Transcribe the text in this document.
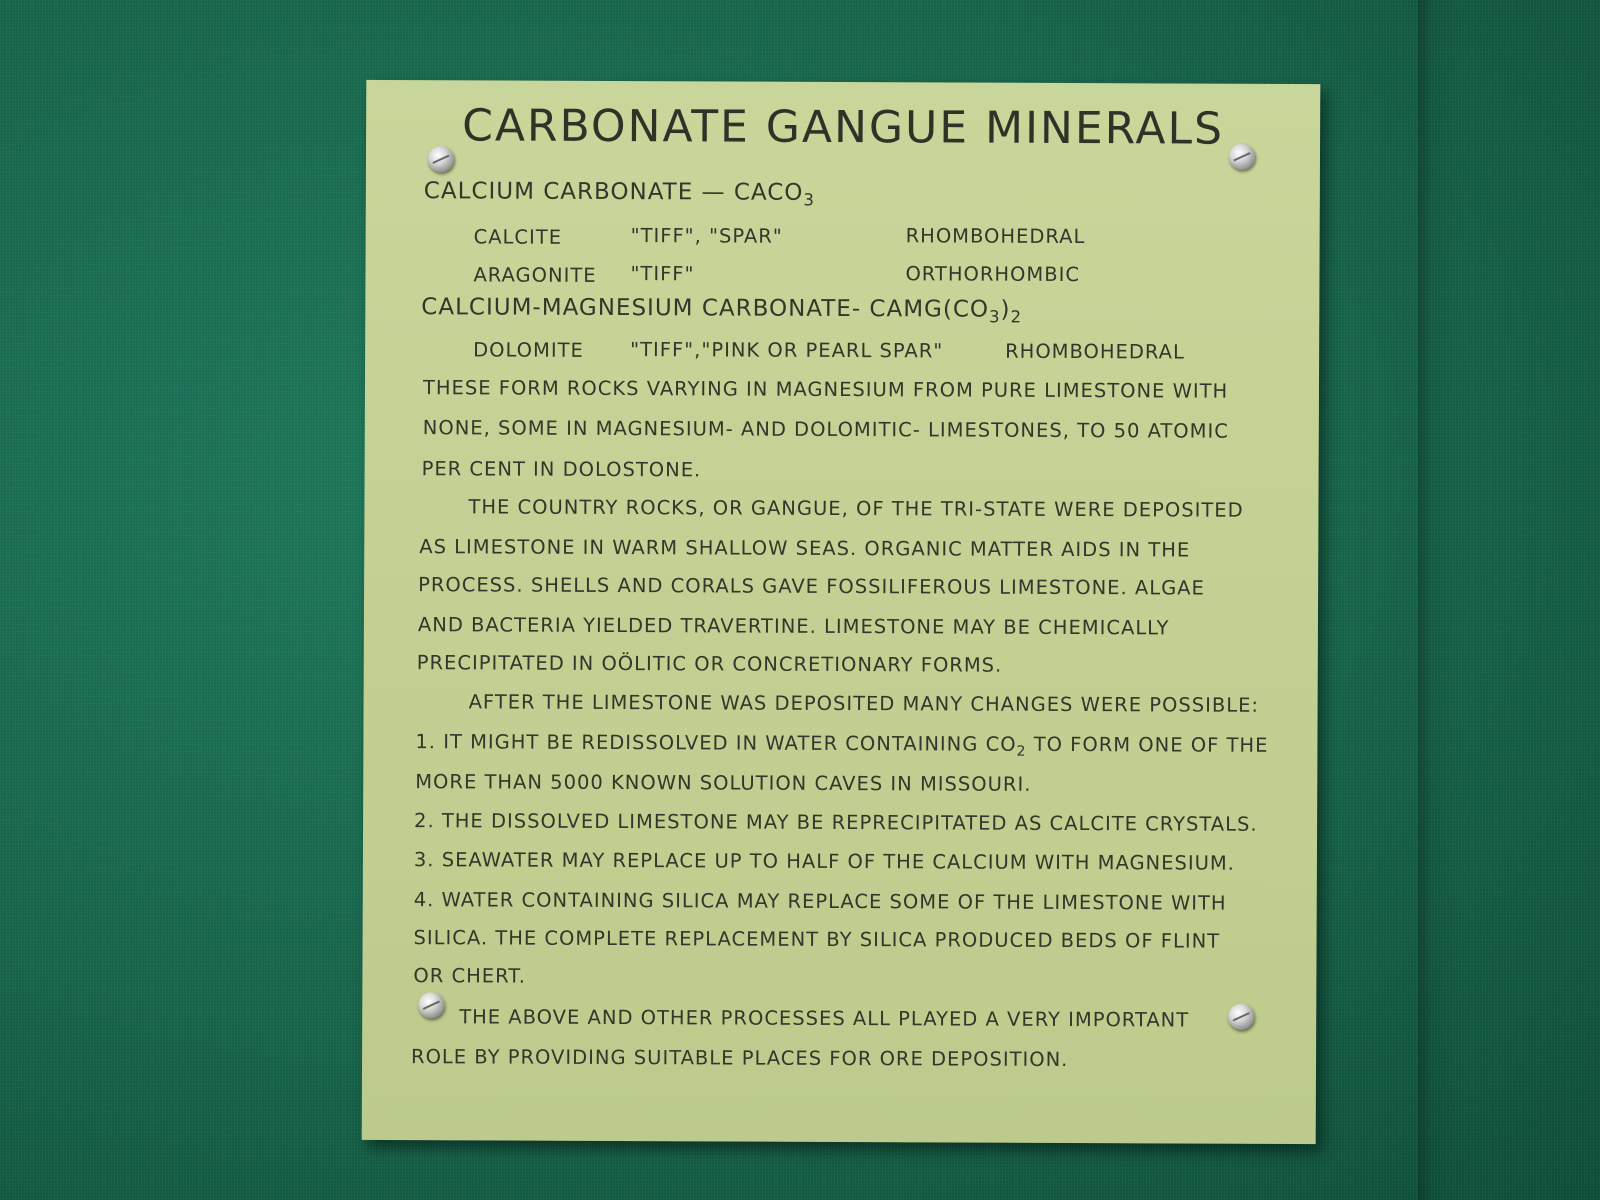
CARBONATE GANGUE MINERALS
CALCIUM CARBONATE — $CACO_3$
CALCITE	"TIFF", "SPAR"	RHOMBOHEDRAL
ARAGONITE "TIFF"	ORTHORHOMBIC
CALCIUM-MAGNESIUM CARBONATE- $CAMG(CO_3)_2$
DOLOMITE "TIFF","PINK OR PEARL SPAR"	RHOMBOHEDRAL
THESE FORM ROCKS VARYING IN MAGNESIUM FROM PURE LIMESTONE WITH
NONE, SOME IN MAGNESIUM- AND DOLOMITIC- LIMESTONES, TO 50 ATOMIC
PER CENT IN DOLOSTONE.
THE COUNTRY ROCKS, OR GANGUE, OF THE TRI-STATE WERE DEPOSITED
AS LIMESTONE IN WARM SHALLOW SEAS. ORGANIC MATTER AIDS IN THE
PROCESS. SHELLS AND CORALS GAVE FOSSILIFEROUS LIMESTONE. ALGAE
AND BACTERIA YIELDED TRAVERTINE. LIMESTONE MAY BE CHEMICALLY
PRECIPITATED IN OÖLITIC OR CONCRETIONARY FORMS.
AFTER THE LIMESTONE WAS DEPOSITED MANY CHANGES WERE POSSIBLE:
1. IT MIGHT BE REDISSOLVED IN WATER CONTAINING $CO_2$ TO FORM ONE OF THE
MORE THAN 5000 KNOWN SOLUTION CAVES IN MISSOURI.
2. THE DISSOLVED LIMESTONE MAY BE REPRECIPITATED AS CALCITE CRYSTALS.
3. SEAWATER MAY REPLACE UP TO HALF OF THE CALCIUM WITH MAGNESIUM.
4. WATER CONTAINING SILICA MAY REPLACE SOME OF THE LIMESTONE WITH
SILICA. THE COMPLETE REPLACEMENT BY SILICA PRODUCED BEDS OF FLINT
OR CHERT.
THE ABOVE AND OTHER PROCESSES ALL PLAYED A VERY IMPORTANT
ROLE BY PROVIDING SUITABLE PLACES FOR ORE DEPOSITION.
